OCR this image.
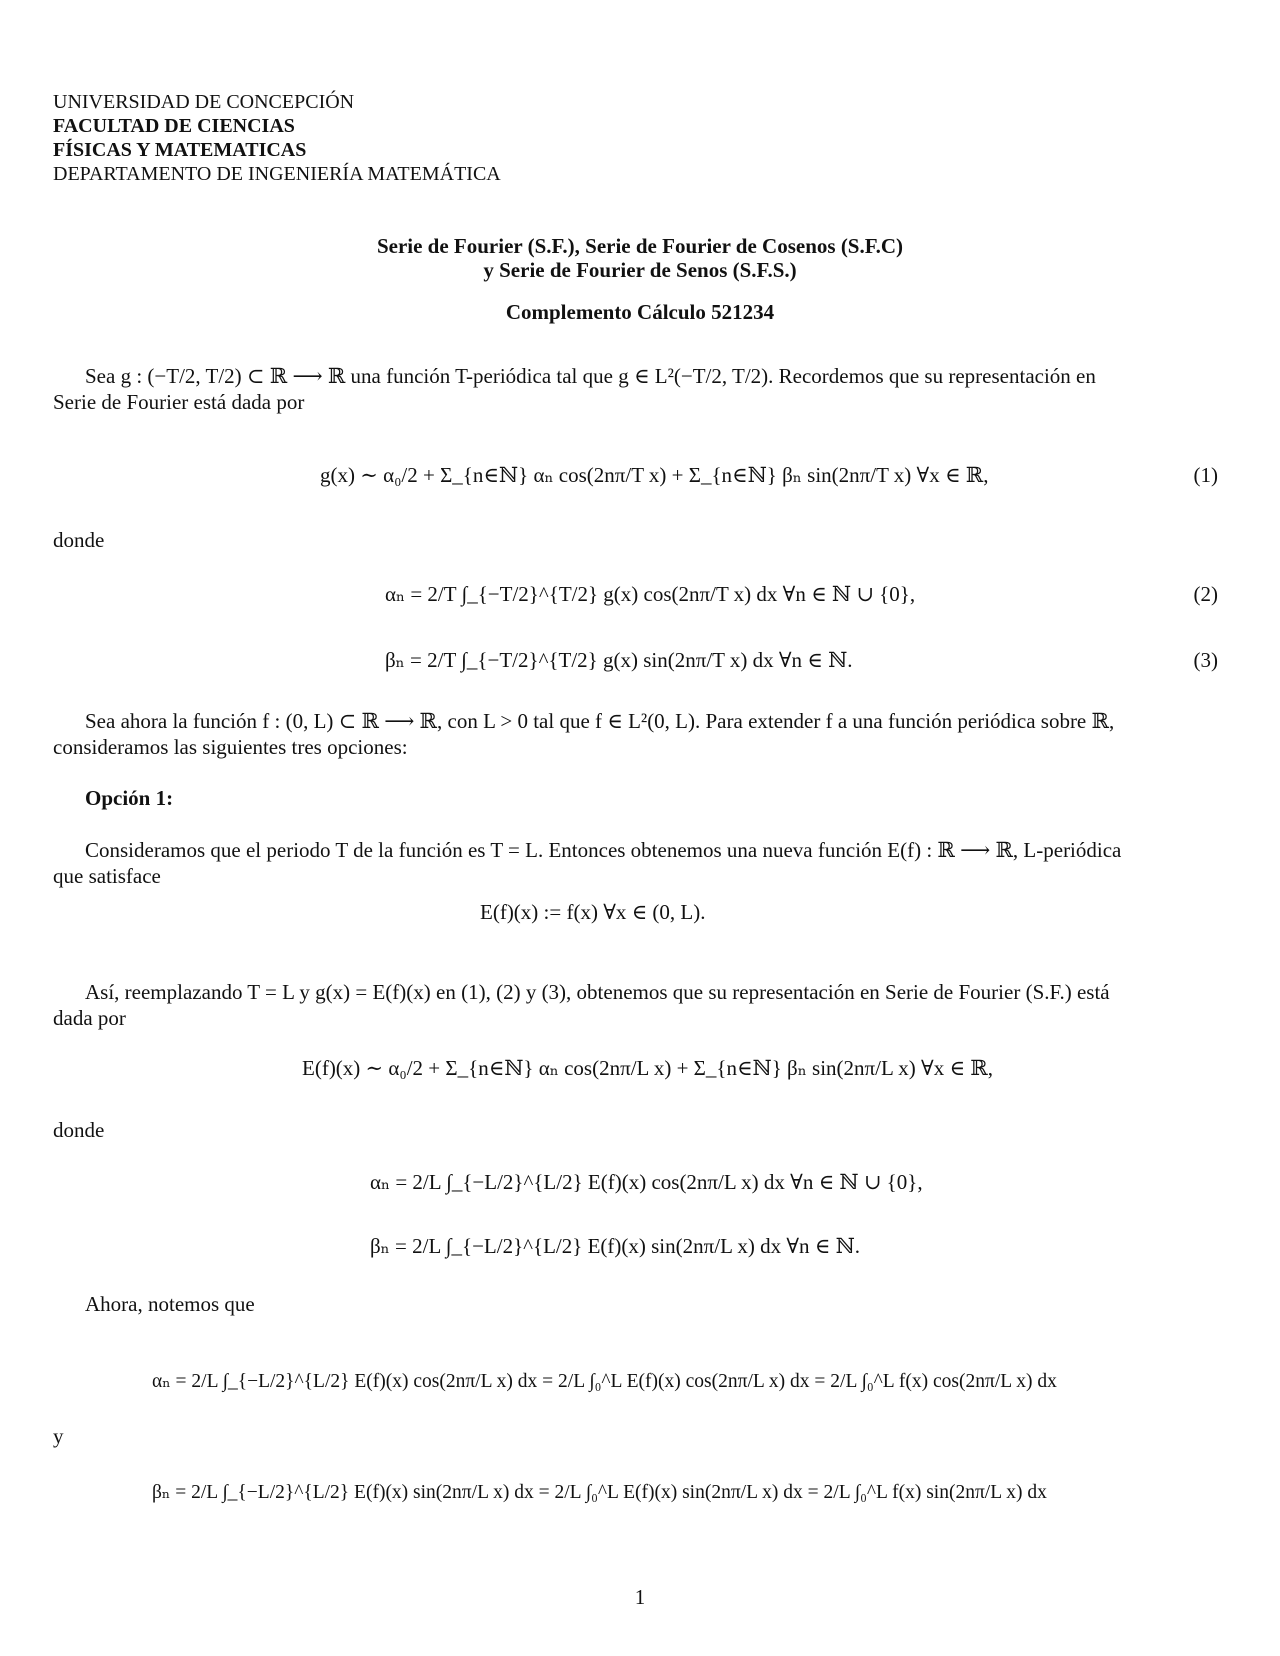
UNIVERSIDAD DE CONCEPCIÓN
FACULTAD DE CIENCIAS
FÍSICAS Y MATEMATICAS
DEPARTAMENTO DE INGENIERÍA MATEMÁTICA
Serie de Fourier (S.F.), Serie de Fourier de Cosenos (S.F.C)
y Serie de Fourier de Senos (S.F.S.)
Complemento Cálculo 521234
Sea g : (−T/2, T/2) ⊂ ℝ ⟶ ℝ una función T-periódica tal que g ∈ L²(−T/2, T/2). Recordemos que su representación en
Serie de Fourier está dada por
g(x) ∼ α₀/2 + Σ_{n∈ℕ} αₙ cos(2nπ/T x) + Σ_{n∈ℕ} βₙ sin(2nπ/T x) ∀x ∈ ℝ,	(1)
donde
αₙ = 2/T ∫_{−T/2}^{T/2} g(x) cos(2nπ/T x) dx ∀n ∈ ℕ ∪ {0},	(2)
βₙ = 2/T ∫_{−T/2}^{T/2} g(x) sin(2nπ/T x) dx ∀n ∈ ℕ.	(3)
Sea ahora la función f : (0, L) ⊂ ℝ ⟶ ℝ, con L > 0 tal que f ∈ L²(0, L). Para extender f a una función periódica sobre ℝ,
consideramos las siguientes tres opciones:
Opción 1:
Consideramos que el periodo T de la función es T = L. Entonces obtenemos una nueva función E(f) : ℝ ⟶ ℝ, L-periódica
que satisface
E(f)(x) := f(x) ∀x ∈ (0, L).
Así, reemplazando T = L y g(x) = E(f)(x) en (1), (2) y (3), obtenemos que su representación en Serie de Fourier (S.F.) está
dada por
E(f)(x) ∼ α₀/2 + Σ_{n∈ℕ} αₙ cos(2nπ/L x) + Σ_{n∈ℕ} βₙ sin(2nπ/L x) ∀x ∈ ℝ,
donde
αₙ = 2/L ∫_{−L/2}^{L/2} E(f)(x) cos(2nπ/L x) dx ∀n ∈ ℕ ∪ {0},
βₙ = 2/L ∫_{−L/2}^{L/2} E(f)(x) sin(2nπ/L x) dx ∀n ∈ ℕ.
Ahora, notemos que
αₙ = 2/L ∫_{−L/2}^{L/2} E(f)(x) cos(2nπ/L x) dx = 2/L ∫₀^L E(f)(x) cos(2nπ/L x) dx = 2/L ∫₀^L f(x) cos(2nπ/L x) dx
y
βₙ = 2/L ∫_{−L/2}^{L/2} E(f)(x) sin(2nπ/L x) dx = 2/L ∫₀^L E(f)(x) sin(2nπ/L x) dx = 2/L ∫₀^L f(x) sin(2nπ/L x) dx
1
